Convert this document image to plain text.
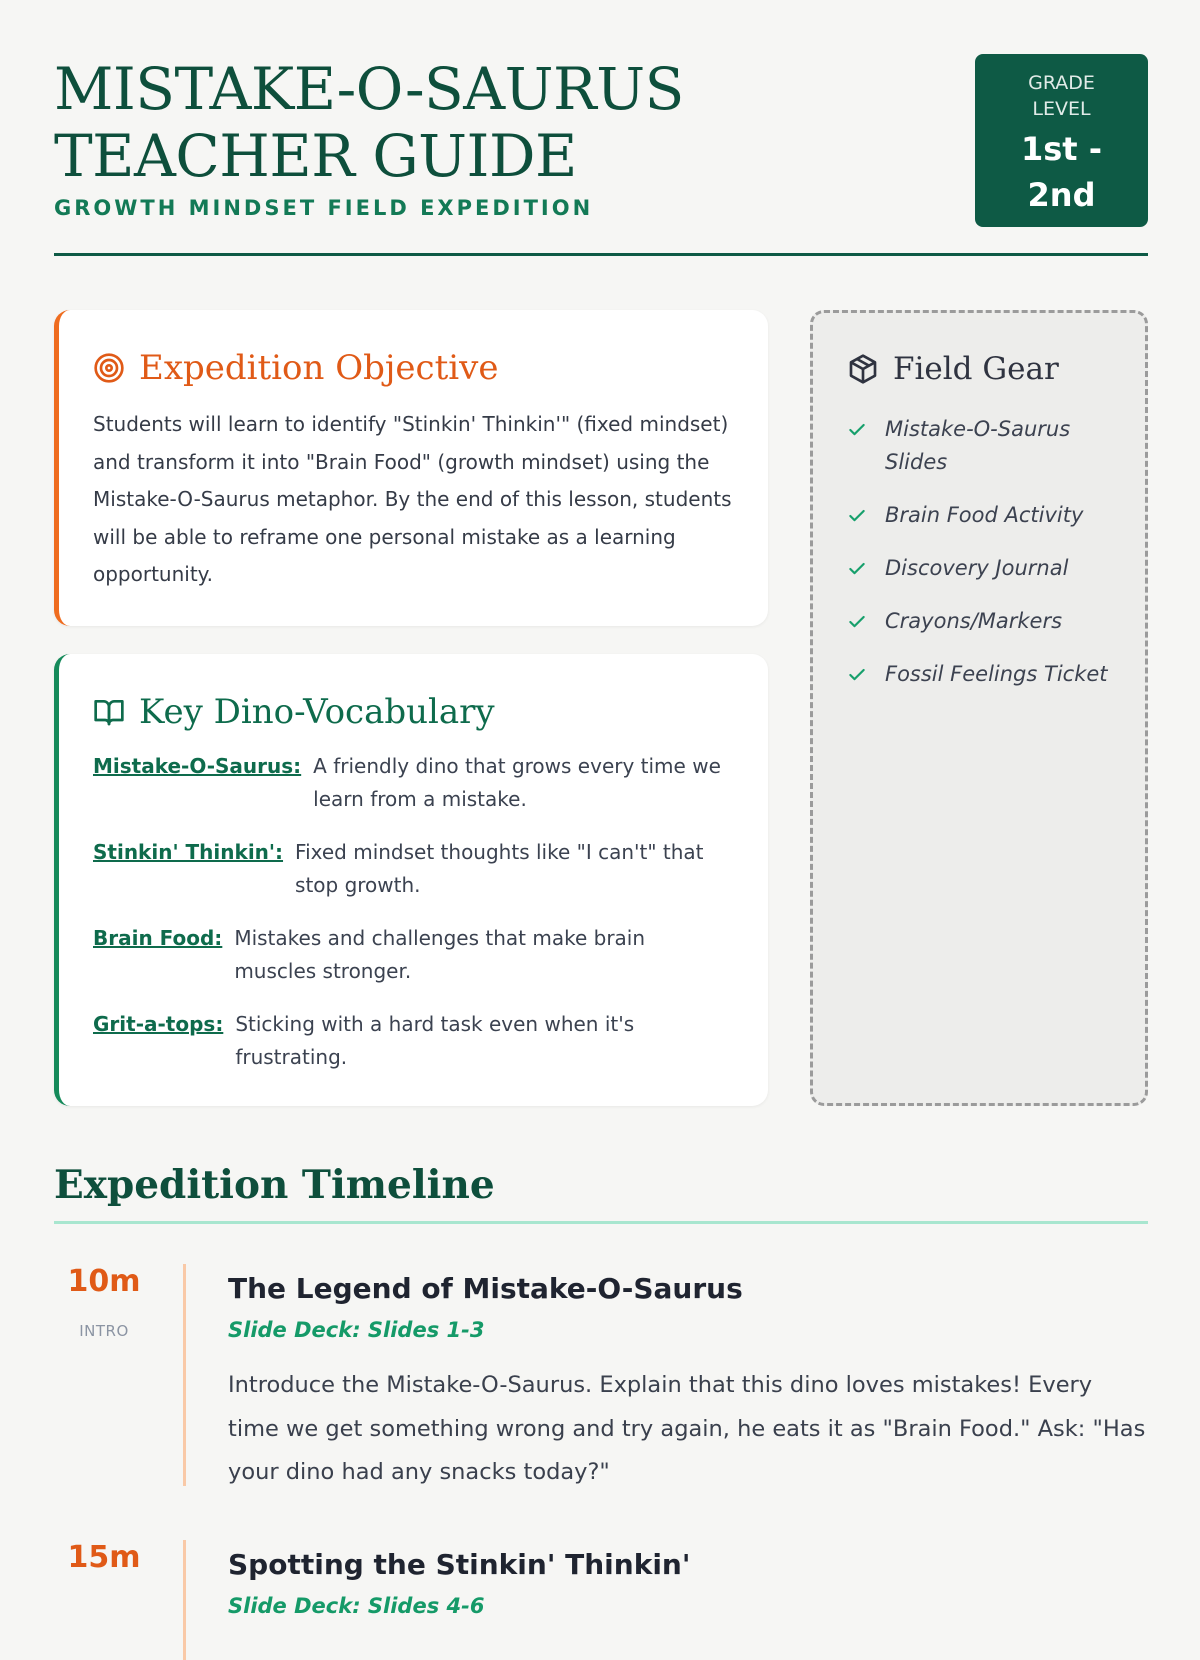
MISTAKE-O-SAURUS TEACHER GUIDE
GROWTH MINDSET FIELD EXPEDITION
GRADE LEVEL
1st - 2nd
Expedition Objective

Students will learn to identify "Stinkin' Thinkin'" (fixed mindset) and transform it into "Brain Food" (growth mindset) using the Mistake-O-Saurus metaphor. By the end of this lesson, students will be able to reframe one personal mistake as a learning opportunity.

Key Dino-Vocabulary
Mistake-O-Saurus: A friendly dino that grows every time we learn from a mistake.
Stinkin' Thinkin': Fixed mindset thoughts like "I can't" that stop growth.
Brain Food: Mistakes and challenges that make brain muscles stronger.
Grit-a-tops: Sticking with a hard task even when it's frustrating.
Field Gear
Mistake-O-Saurus Slides
Brain Food Activity
Discovery Journal
Crayons/Markers
Fossil Feelings Ticket
Expedition Timeline
10m
INTRO
The Legend of Mistake-O-Saurus
Slide Deck: Slides 1-3

Introduce the Mistake-O-Saurus. Explain that this dino loves mistakes! Every time we get something wrong and try again, he eats it as "Brain Food." Ask: "Has your dino had any snacks today?"

15m	Spotting the Stinkin' Thinkin'
Slide Deck: Slides 4-6
